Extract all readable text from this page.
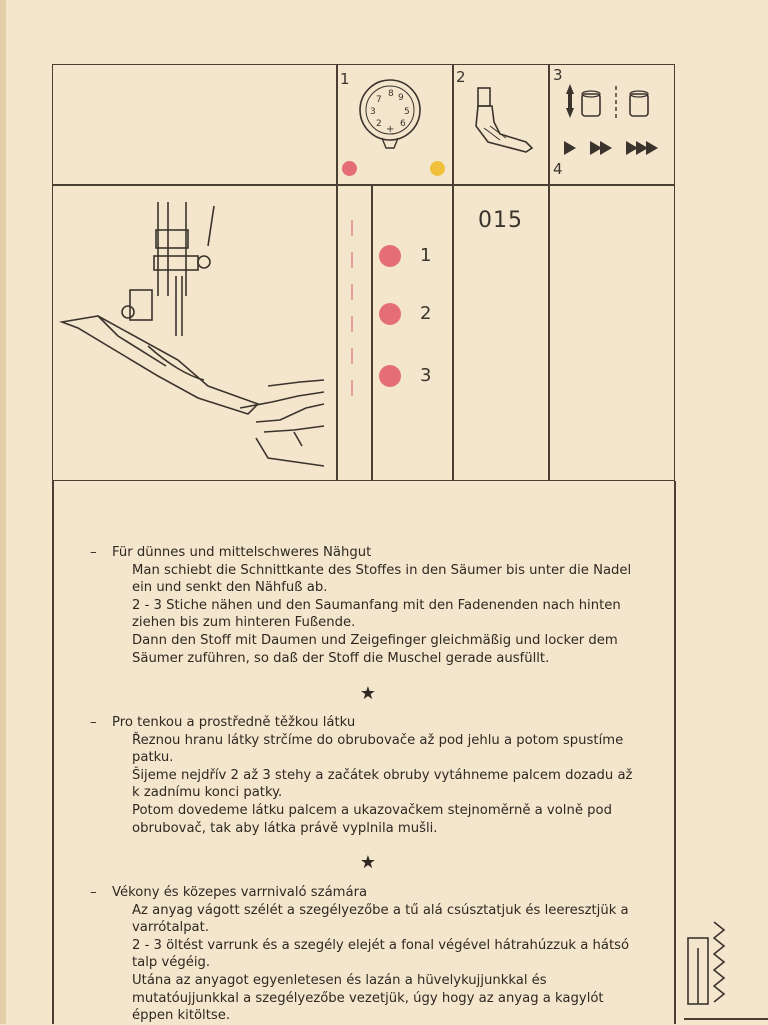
1	2	3
4
8
7 9
3	5
2 6
+
1
2
3
015
– Für dünnes und mittelschweres Nähgut

Man schiebt die Schnittkante des Stoffes in den Säumer bis unter die Nadel ein und senkt den Nähfuß ab.

2 - 3 Stiche nähen und den Saumanfang mit den Fadenenden nach hinten ziehen bis zum hinteren Fußende.

Dann den Stoff mit Daumen und Zeigefinger gleichmäßig und locker dem Säumer zuführen, so daß der Stoff die Muschel gerade ausfüllt.

★
– Pro tenkou a prostředně těžkou látku

Řeznou hranu látky strčíme do obrubovače až pod jehlu a potom spustíme patku.

Šijeme nejdřív 2 až 3 stehy a začátek obruby vytáhneme palcem dozadu až k zadnímu konci patky.

Potom dovedeme látku palcem a ukazovačkem stejnoměrně a volně pod obrubovač, tak aby látka právě vyplnila mušli.

★
– Vékony és közepes varrnivaló számára

Az anyag vágott szélét a szegélyezőbe a tű alá csúsztatjuk és leeresztjük a varrótalpat.

2 - 3 öltést varrunk és a szegély elejét a fonal végével hátrahúzzuk a hátsó talp végéig.

Utána az anyagot egyenletesen és lazán a hüvelykujjunkkal és mutatóujjunkkal a szegélyezőbe vezetjük, úgy hogy az anyag a kagylót éppen kitöltse.
